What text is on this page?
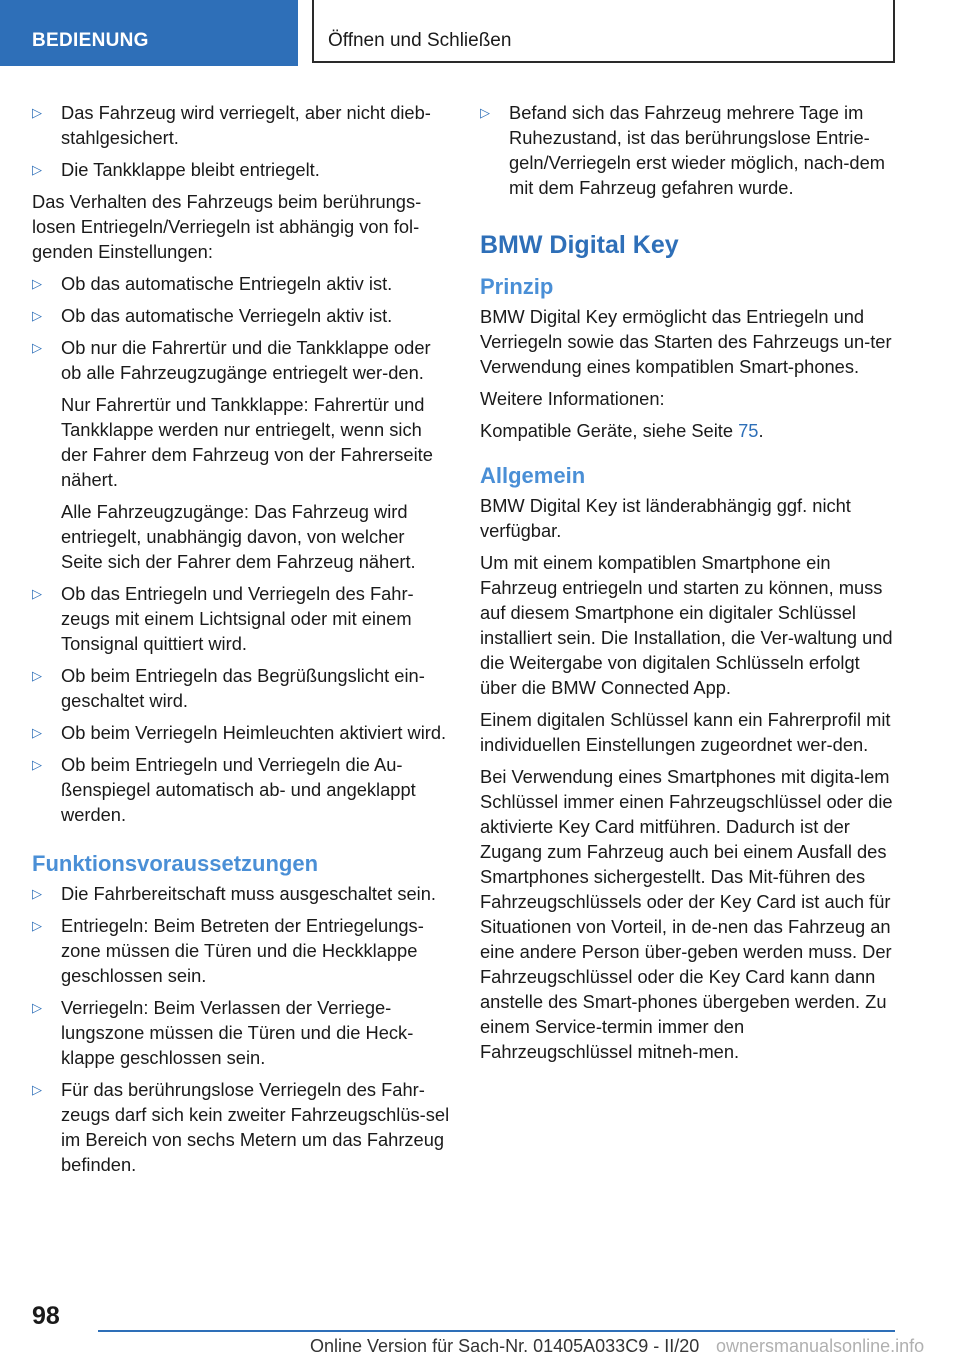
BEDIENUNG	Öffnen und Schließen
▷ Das Fahrzeug wird verriegelt, aber nicht dieb-stahlgesichert.
▷ Die Tankklappe bleibt entriegelt.
Das Verhalten des Fahrzeugs beim berührungs-losen Entriegeln/Verriegeln ist abhängig von fol-genden Einstellungen:
▷ Ob das automatische Entriegeln aktiv ist.
▷ Ob das automatische Verriegeln aktiv ist.
▷ Ob nur die Fahrertür und die Tankklappe oder ob alle Fahrzeugzugänge entriegelt wer-den.
Nur Fahrertür und Tankklappe: Fahrertür und Tankklappe werden nur entriegelt, wenn sich der Fahrer dem Fahrzeug von der Fahrerseite nähert.
Alle Fahrzeugzugänge: Das Fahrzeug wird entriegelt, unabhängig davon, von welcher Seite sich der Fahrer dem Fahrzeug nähert.
▷ Ob das Entriegeln und Verriegeln des Fahr-zeugs mit einem Lichtsignal oder mit einem Tonsignal quittiert wird.
▷ Ob beim Entriegeln das Begrüßungslicht ein-geschaltet wird.
▷ Ob beim Verriegeln Heimleuchten aktiviert wird.
▷ Ob beim Entriegeln und Verriegeln die Au-ßenspiegel automatisch ab- und angeklappt werden.
Funktionsvoraussetzungen
▷ Die Fahrbereitschaft muss ausgeschaltet sein.
▷ Entriegeln: Beim Betreten der Entriegelungs-zone müssen die Türen und die Heckklappe geschlossen sein.
▷ Verriegeln: Beim Verlassen der Verriege-lungszone müssen die Türen und die Heck-klappe geschlossen sein.
▷ Für das berührungslose Verriegeln des Fahr-zeugs darf sich kein zweiter Fahrzeugschlüs-sel im Bereich von sechs Metern um das Fahrzeug befinden.
▷ Befand sich das Fahrzeug mehrere Tage im Ruhezustand, ist das berührungslose Entrie-geln/Verriegeln erst wieder möglich, nach-dem mit dem Fahrzeug gefahren wurde.
BMW Digital Key
Prinzip
BMW Digital Key ermöglicht das Entriegeln und Verriegeln sowie das Starten des Fahrzeugs un-ter Verwendung eines kompatiblen Smart-phones.
Weitere Informationen:
Kompatible Geräte, siehe Seite 75.
Allgemein
BMW Digital Key ist länderabhängig ggf. nicht verfügbar.
Um mit einem kompatiblen Smartphone ein Fahrzeug entriegeln und starten zu können, muss auf diesem Smartphone ein digitaler Schlüssel installiert sein. Die Installation, die Ver-waltung und die Weitergabe von digitalen Schlüsseln erfolgt über die BMW Connected App.
Einem digitalen Schlüssel kann ein Fahrerprofil mit individuellen Einstellungen zugeordnet wer-den.
Bei Verwendung eines Smartphones mit digita-lem Schlüssel immer einen Fahrzeugschlüssel oder die aktivierte Key Card mitführen. Dadurch ist der Zugang zum Fahrzeug auch bei einem Ausfall des Smartphones sichergestellt. Das Mit-führen des Fahrzeugschlüssels oder der Key Card ist auch für Situationen von Vorteil, in de-nen das Fahrzeug an eine andere Person über-geben werden muss. Der Fahrzeugschlüssel oder die Key Card kann dann anstelle des Smart-phones übergeben werden. Zu einem Service-termin immer den Fahrzeugschlüssel mitneh-men.
98
Online Version für Sach-Nr. 01405A033C9 - II/20 ownersmanualsonline.info
